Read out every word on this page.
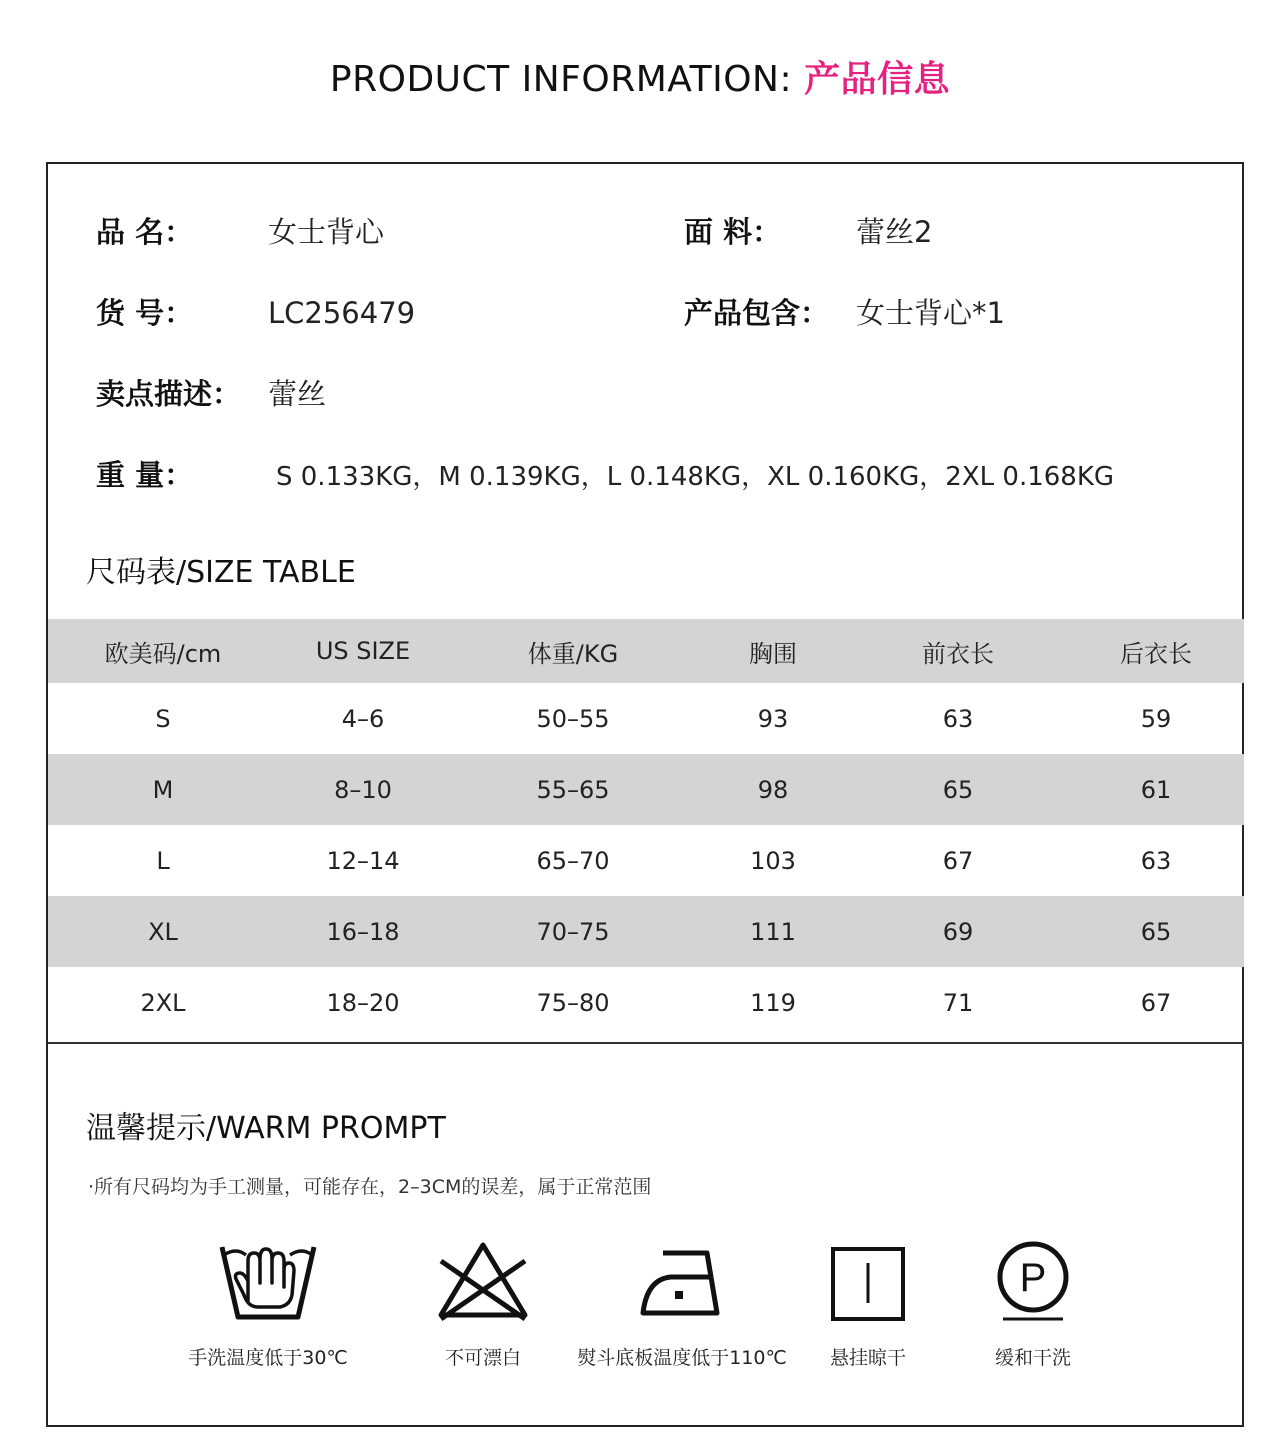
PRODUCT INFORMATION: 产品信息
品 名：	女士背心	面 料：	蕾丝2
货 号：	LC256479	产品包含： 女士背心*1
卖点描述： 蕾丝
重 量：	S 0.133KG，M 0.139KG，L 0.148KG，XL 0.160KG，2XL 0.168KG
尺码表/SIZE TABLE
欧美码/cm	US SIZE	体重/KG	胸围	前衣长	后衣长
S	4–6	50–55	93	63	59
M	8–10	55–65	98	65	61
L	12–14	65–70	103	67	63
XL	16–18	70–75	111	69	65
2XL	18–20	75–80	119	71	67
温馨提示/WARM PROMPT
·所有尺码均为手工测量，可能存在，2–3CM的误差，属于正常范围
手洗温度低于30℃	不可漂白	熨斗底板温度低于110℃	悬挂晾干
P
缓和干洗
